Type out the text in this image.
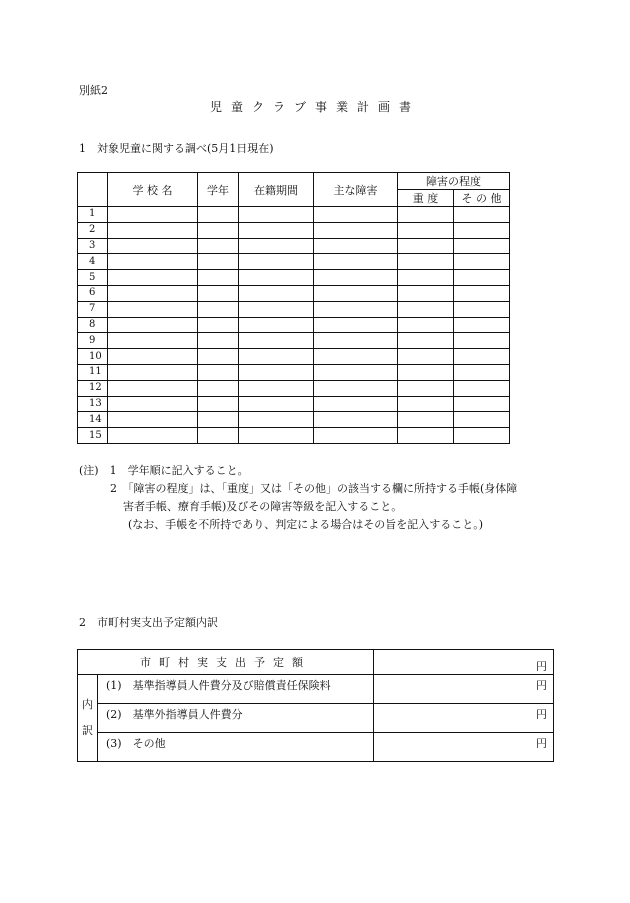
別紙2
児童クラブ事業計画書
1　対象児童に関する調べ(5月1日現在)
	学 校 名	学年	在籍期間	主な障害	障害の程度	
					重 度	そ の 他
1						
2						
3						
4						
5						
6						
7						
8						
9						
10						
11						
12						
13						
14						
15						
(注)　 1　学年順に記入すること。
2　「障害の程度」は、「重度」又は「その他」の該当する欄に所持する手帳(身体障
害者手帳、療育手帳)及びその障害等級を記入すること。
(なお、手帳を不所持であり、判定による場合はその旨を記入すること。)
2　市町村実支出予定額内訳
市町村実支出予定額		円

内
訳	(1)　基準指導員人件費分及び賠償責任保険料	円
	(2)　基準外指導員人件費分	円
	(3)　その他	円
